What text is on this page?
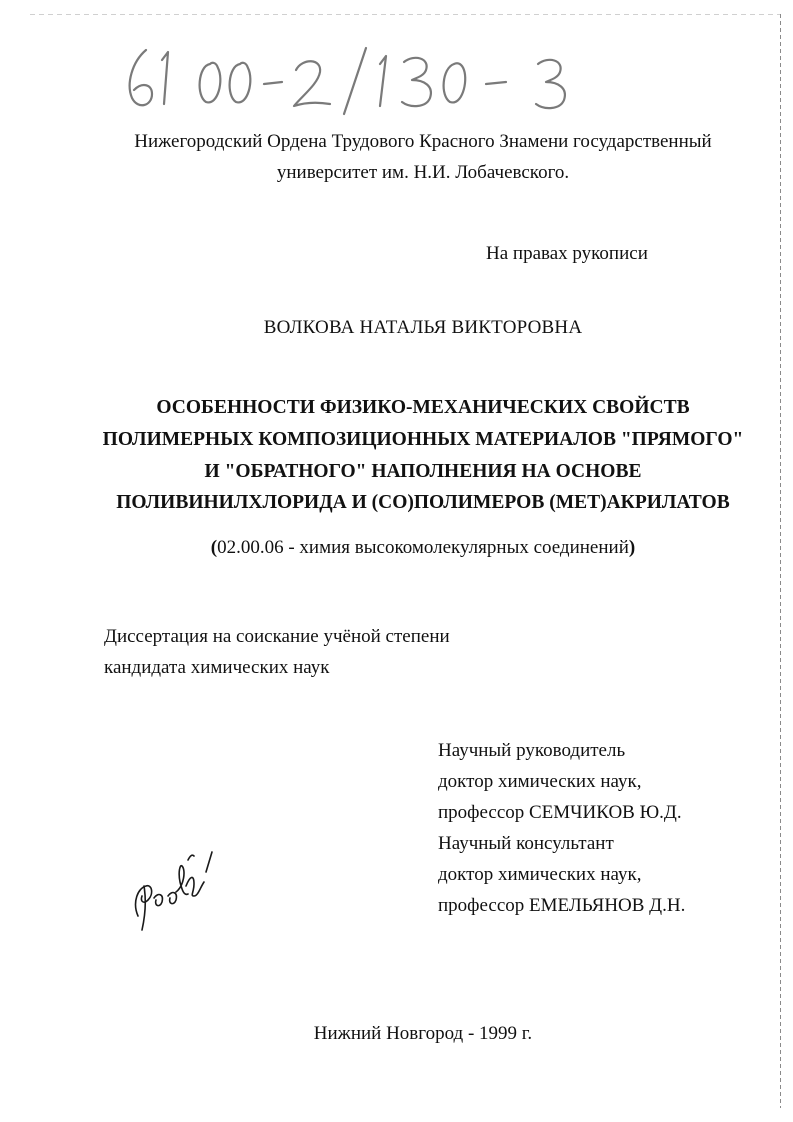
Нижегородский Ордена Трудового Красного Знамени государственный
университет им. Н.И. Лобачевского.
На правах рукописи
ВОЛКОВА НАТАЛЬЯ ВИКТОРОВНА
ОСОБЕННОСТИ ФИЗИКО-МЕХАНИЧЕСКИХ СВОЙСТВ
ПОЛИМЕРНЫХ КОМПОЗИЦИОННЫХ МАТЕРИАЛОВ "ПРЯМОГО"
И "ОБРАТНОГО" НАПОЛНЕНИЯ НА ОСНОВЕ
ПОЛИВИНИЛХЛОРИДА И (СО)ПОЛИМЕРОВ (МЕТ)АКРИЛАТОВ
(02.00.06 - химия высокомолекулярных соединений)
Диссертация на соискание учёной степени
кандидата химических наук
Научный руководитель
доктор химических наук,
профессор СЕМЧИКОВ Ю.Д.
Научный консультант
доктор химических наук,
профессор ЕМЕЛЬЯНОВ Д.Н.
Нижний Новгород - 1999 г.
